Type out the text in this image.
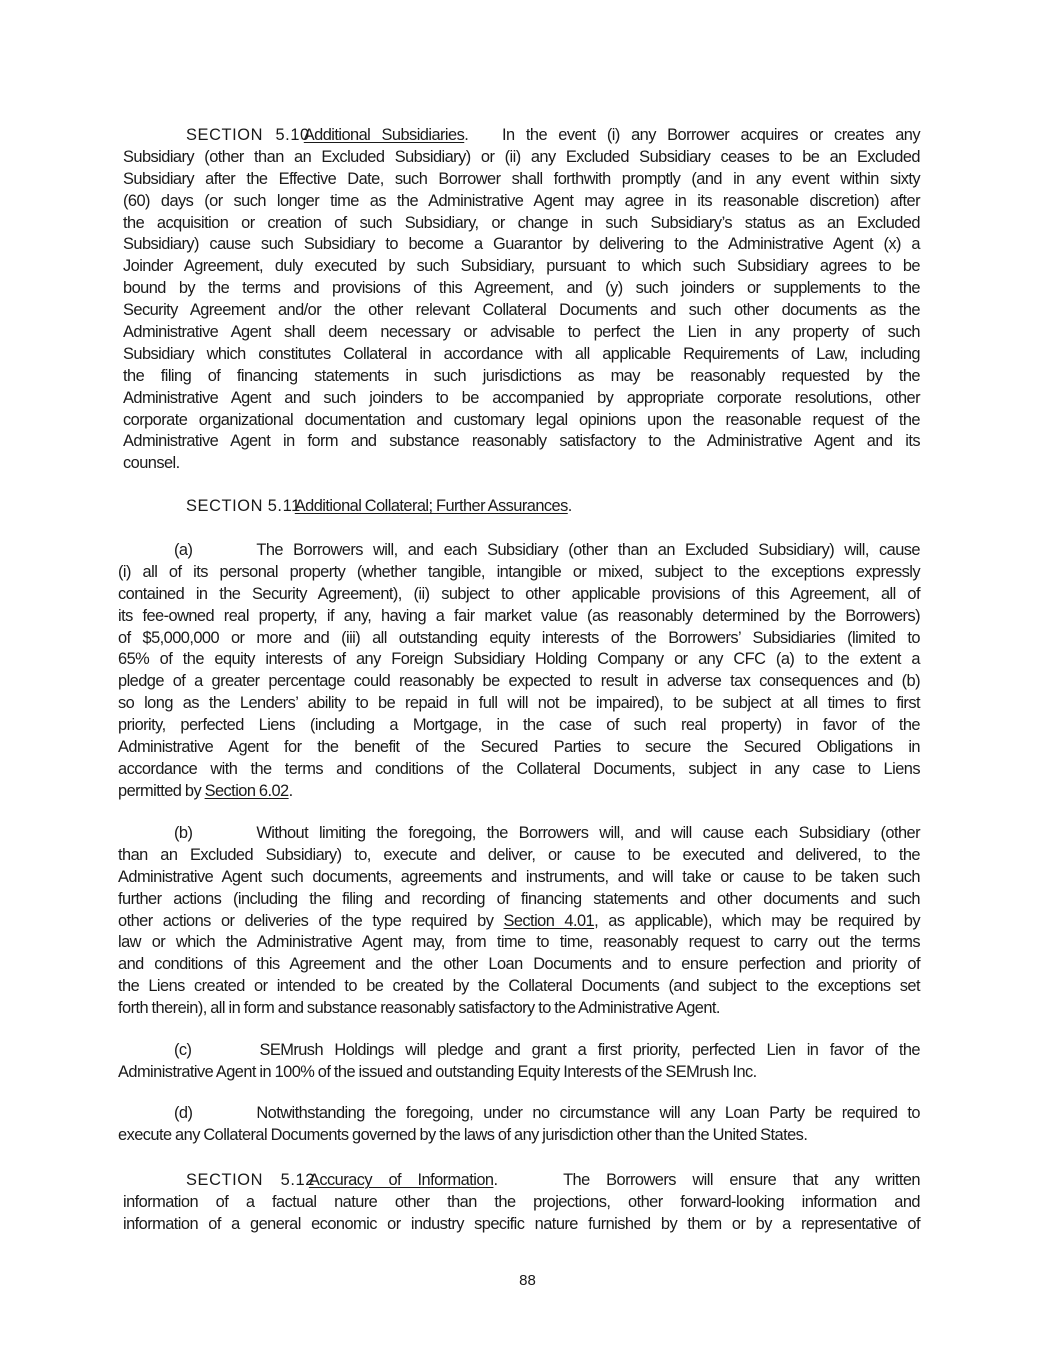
SECTION 5.10Additional Subsidiaries.   In the event (i) any Borrower acquires or creates any
Subsidiary (other than an Excluded Subsidiary) or (ii) any Excluded Subsidiary ceases to be an Excluded
Subsidiary after the Effective Date, such Borrower shall forthwith promptly (and in any event within sixty
(60) days (or such longer time as the Administrative Agent may agree in its reasonable discretion) after
the acquisition or creation of such Subsidiary, or change in such Subsidiary’s status as an Excluded
Subsidiary) cause such Subsidiary to become a Guarantor by delivering to the Administrative Agent (x) a
Joinder Agreement, duly executed by such Subsidiary, pursuant to which such Subsidiary agrees to be
bound by the terms and provisions of this Agreement, and (y) such joinders or supplements to the
Security Agreement and/or the other relevant Collateral Documents and such other documents as the
Administrative Agent shall deem necessary or advisable to perfect the Lien in any property of such
Subsidiary which constitutes Collateral in accordance with all applicable Requirements of Law, including
the filing of financing statements in such jurisdictions as may be reasonably requested by the
Administrative Agent and such joinders to be accompanied by appropriate corporate resolutions, other
corporate organizational documentation and customary legal opinions upon the reasonable request of the
Administrative Agent in form and substance reasonably satisfactory to the Administrative Agent and its
counsel.
SECTION 5.11Additional Collateral; Further Assurances.
(a)	The Borrowers will, and each Subsidiary (other than an Excluded Subsidiary) will, cause
(i) all of its personal property (whether tangible, intangible or mixed, subject to the exceptions expressly
contained in the Security Agreement), (ii) subject to other applicable provisions of this Agreement, all of
its fee-owned real property, if any, having a fair market value (as reasonably determined by the Borrowers)
of $5,000,000 or more and (iii) all outstanding equity interests of the Borrowers’ Subsidiaries (limited to
65% of the equity interests of any Foreign Subsidiary Holding Company or any CFC (a) to the extent a
pledge of a greater percentage could reasonably be expected to result in adverse tax consequences and (b)
so long as the Lenders’ ability to be repaid in full will not be impaired), to be subject at all times to first
priority, perfected Liens (including a Mortgage, in the case of such real property) in favor of the
Administrative Agent for the benefit of the Secured Parties to secure the Secured Obligations in
accordance with the terms and conditions of the Collateral Documents, subject in any case to Liens
permitted by Section 6.02.
(b)	Without limiting the foregoing, the Borrowers will, and will cause each Subsidiary (other
than an Excluded Subsidiary) to, execute and deliver, or cause to be executed and delivered, to the
Administrative Agent such documents, agreements and instruments, and will take or cause to be taken such
further actions (including the filing and recording of financing statements and other documents and such
other actions or deliveries of the type required by Section 4.01, as applicable), which may be required by
law or which the Administrative Agent may, from time to time, reasonably request to carry out the terms
and conditions of this Agreement and the other Loan Documents and to ensure perfection and priority of
the Liens created or intended to be created by the Collateral Documents (and subject to the exceptions set
forth therein), all in form and substance reasonably satisfactory to the Administrative Agent.
(c)	SEMrush Holdings will pledge and grant a first priority, perfected Lien in favor of the
Administrative Agent in 100% of the issued and outstanding Equity Interests of the SEMrush Inc.
(d)	Notwithstanding the foregoing, under no circumstance will any Loan Party be required to
execute any Collateral Documents governed by the laws of any jurisdiction other than the United States.
SECTION 5.12Accuracy of Information.    The Borrowers will ensure that any written
information of a factual nature other than the projections, other forward-looking information and
information of a general economic or industry specific nature furnished by them or by a representative of
88
